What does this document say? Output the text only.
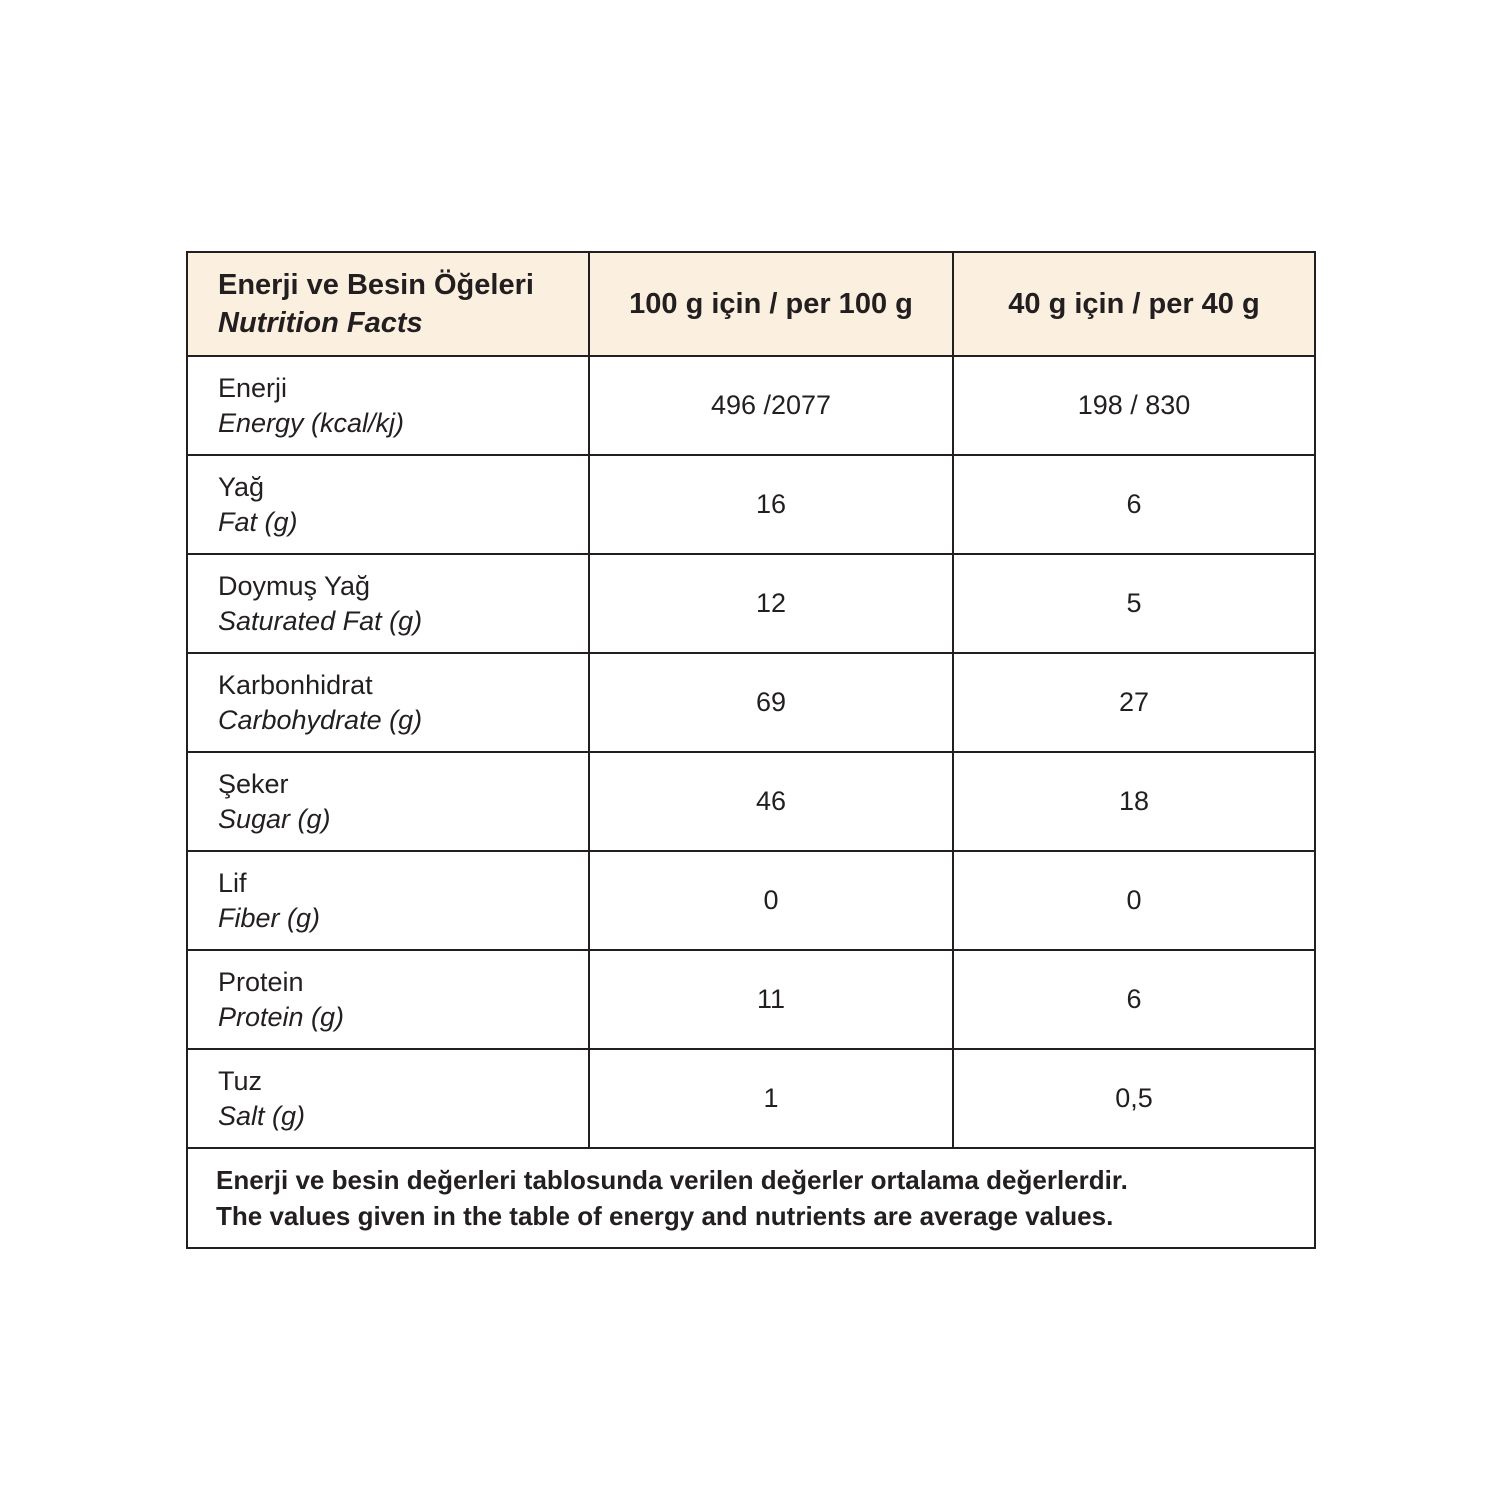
Enerji ve Besin Öğeleri
Nutrition Facts	100 g için / per 100 g	40 g için / per 40 g

Enerji
Energy (kcal/kj)	496 /2077	198 / 830

Yağ
Fat (g)	16	6

Doymuş Yağ
Saturated Fat (g)	12	5

Karbonhidrat
Carbohydrate (g)	69	27

Şeker
Sugar (g)	46	18

Lif
Fiber (g)	0	0

Protein
Protein (g)	11	6

Tuz
Salt (g)	1	0,5

Enerji ve besin değerleri tablosunda verilen değerler ortalama değerlerdir.
The values given in the table of energy and nutrients are average values.		
